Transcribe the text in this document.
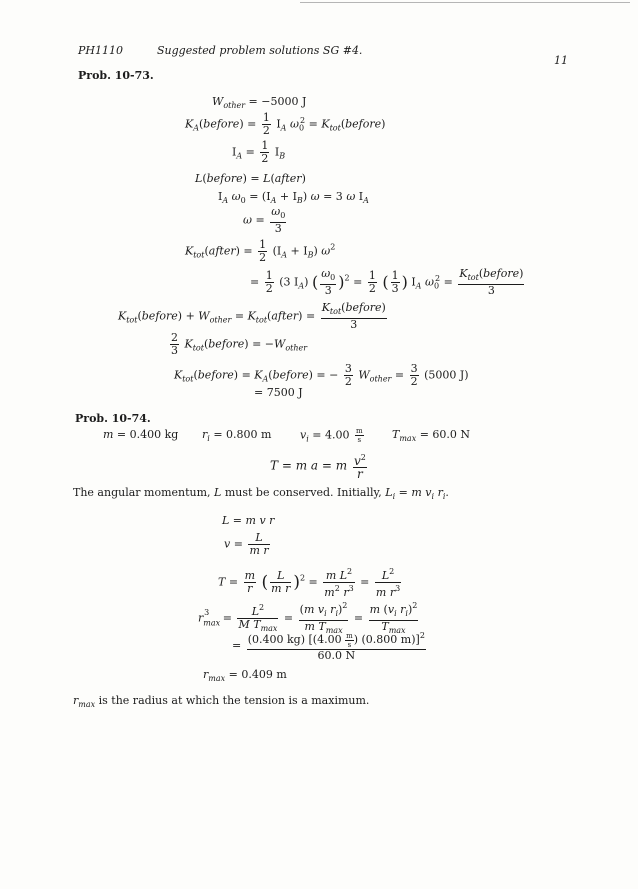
PH1110	Suggested problem solutions SG #4.
11
Prob. 10-73.
$W_{other} = -5000$ J
$K_A(before) = \frac{1}{2} I_A$ $\omega_0^2$ = $K_{tot}(before)$
$I_A = \frac{1}{2} I_B$
L(before) = L(after)
$I_A$ $\omega_0 = (I_A + I_B) \omega = 3$ ω $I_A$
$\omega = \frac{\omega_0}{3}$
$K_{tot}(after) = \frac{1}{2} (I_A + I_B)$ $\omega^2$
= $\frac{1}{2} (3$ $I_A$) ( $\frac{\omega_0}{3} )^2 = \frac{1}{2}$ ( $\frac{1}{3}$ ) $I_A$ $\omega_0^2 = \frac{K_{tot}(before)}{3}$
$K_{tot}(before) + W_{other}$ = $K_{tot}(after) = \frac{K_{tot}(before)}{3}$
$\frac{2}{3}$ $K_{tot}(before) = -W_{other}$
$K_{tot}(before)$ = $K_A(before)$ = − $\frac{3}{2} W_{other} = \frac{3}{2} (5000$ J)
= 7500 J
Prob. 10-74.
m = 0.400 kg $r_i = 0.800$ m	$v_i = 4.00 \frac{m}{s}$	$T_{max} = 60.0$ N
T = m a = m $\frac{v^2}{r}$
The angular momentum, L must be conserved. Initially, $L_i = m$ $v_i$ $r_i$.
L = m v r
$v = \frac{L}{\text{m r}}$
$T = \frac{m}{r}$ ( $\frac{L}{\text{m r}} )^2 = \frac{m L^2}{m^2 r^3} = \frac{L^2}{m r^3}$
$r_{max}^3 = \frac{L^2}{M T_{max}} = \frac{(m v_i r_i)^2}{m T_{max}} = \frac{m (v_i r_i)^2}{T_{max}}$
= $\frac{(0.400 kg) [(4.00 \frac{m}{s} ) (0.800 m)]^2}{60.0 N}$
$r_{max} = 0.409$ m
$r_{max}$ is the radius at which the tension is a maximum.
